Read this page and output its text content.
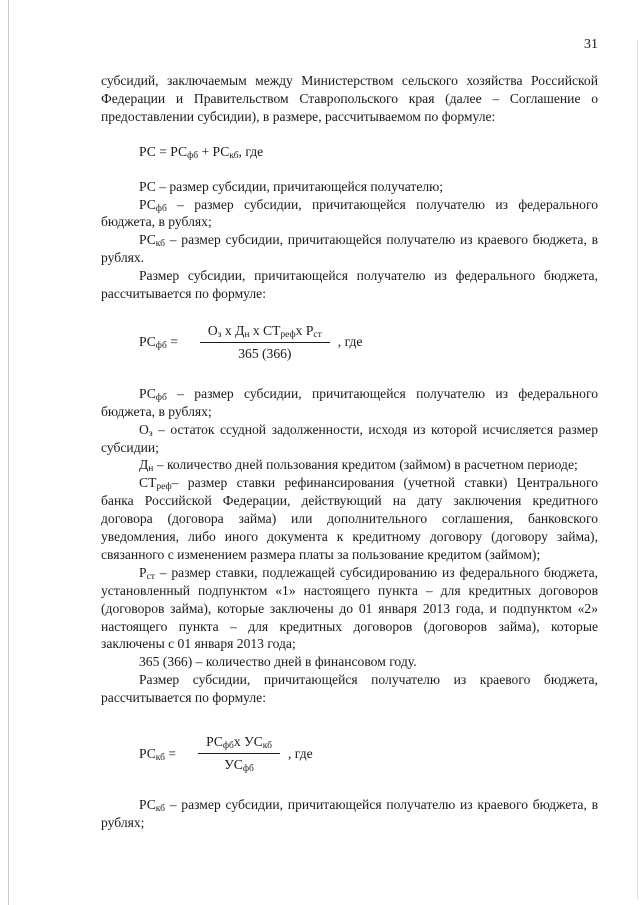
31

субсидий, заключаемым между Министерством сельского хозяйства Российской Федерации и Правительством Ставропольского края (далее – Соглашение о предоставлении субсидии), в размере, рассчитываемом по формуле:

РС = $РС_{фб} + РС_{кб}$, где

РС – размер субсидии, причитающейся получателю;

$РС_{фб}$ – размер субсидии, причитающейся получателю из федерального бюджета, в рублях;

$РС_{кб}$ – размер субсидии, причитающейся получателю из краевого бюджета, в рублях.

Размер субсидии, причитающейся получателю из федерального бюджета, рассчитывается по формуле:

$РС_{фб} = \frac{О_з х Д_н х СТ_{реф}х Р_{ст}}{365 (366)}$ , где

$РС_{фб}$ – размер субсидии, причитающейся получателю из федерального бюджета, в рублях;

$О_з$ – остаток ссудной задолженности, исходя из которой исчисляется размер субсидии;

$Д_н$ – количество дней пользования кредитом (займом) в расчетном периоде;

$СТ_{реф}-$ размер ставки рефинансирования (учетной ставки) Центрального банка Российской Федерации, действующий на дату заключения кредитного договора (договора займа) или дополнительного соглашения, банковского уведомления, либо иного документа к кредитному договору (договору займа), связанного с изменением размера платы за пользование кредитом (займом);

$Р_{ст}$ – размер ставки, подлежащей субсидированию из федерального бюджета, установленный подпунктом «1» настоящего пункта – для кредитных договоров (договоров займа), которые заключены до 01 января 2013 года, и подпунктом «2» настоящего пункта – для кредитных договоров (договоров займа), которые заключены с 01 января 2013 года;

365 (366) – количество дней в финансовом году.

Размер субсидии, причитающейся получателю из краевого бюджета, рассчитывается по формуле:

$РС_{кб} = \frac{РС_{фб}х УС_{кб}}{УС_{фб}}$ , где

$РС_{кб}$ – размер субсидии, причитающейся получателю из краевого бюджета, в рублях;
